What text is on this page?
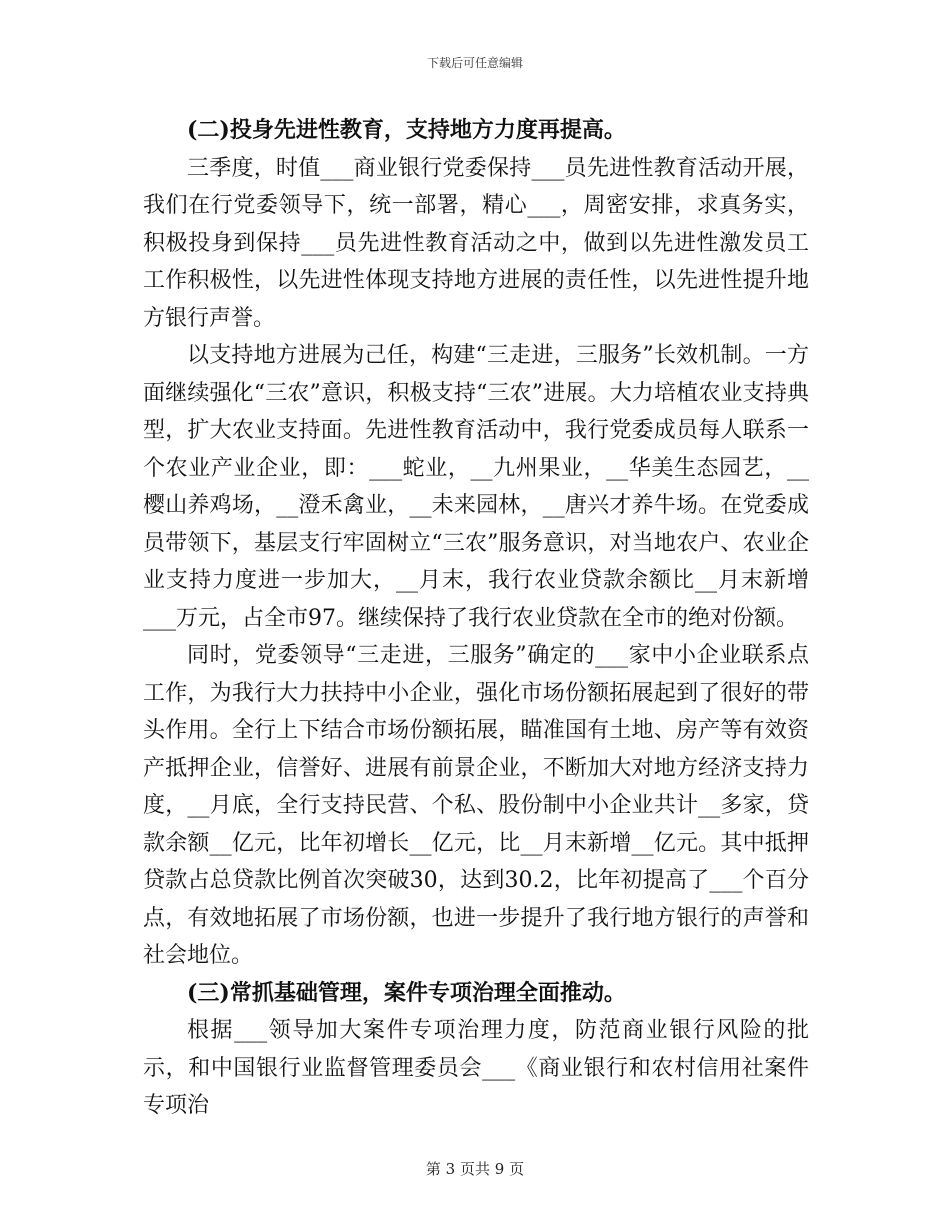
下载后可任意编辑

(二)投身先进性教育，支持地方力度再提高。

三季度，时值___商业银行党委保持___员先进性教育活动开展，我们在行党委领导下，统一部署，精心___，周密安排，求真务实，积极投身到保持___员先进性教育活动之中，做到以先进性激发员工工作积极性，以先进性体现支持地方进展的责任性，以先进性提升地方银行声誉。

以支持地方进展为己任，构建“三走进，三服务”长效机制。一方面继续强化“三农”意识，积极支持“三农”进展。大力培植农业支持典型，扩大农业支持面。先进性教育活动中，我行党委成员每人联系一个农业产业企业，即：___蛇业，__九州果业，__华美生态园艺，__樱山养鸡场，__澄禾禽业，__未来园林，__唐兴才养牛场。在党委成员带领下，基层支行牢固树立“三农”服务意识，对当地农户、农业企业支持力度进一步加大，__月末，我行农业贷款余额比__月末新增___万元，占全市97。继续保持了我行农业贷款在全市的绝对份额。

同时，党委领导“三走进，三服务”确定的___家中小企业联系点工作，为我行大力扶持中小企业，强化市场份额拓展起到了很好的带头作用。全行上下结合市场份额拓展，瞄准国有土地、房产等有效资产抵押企业，信誉好、进展有前景企业，不断加大对地方经济支持力度，__月底，全行支持民营、个私、股份制中小企业共计__多家，贷款余额__亿元，比年初增长__亿元，比__月末新增__亿元。其中抵押贷款占总贷款比例首次突破30，达到30.2，比年初提高了___个百分点，有效地拓展了市场份额，也进一步提升了我行地方银行的声誉和社会地位。

(三)常抓基础管理，案件专项治理全面推动。

根据___领导加大案件专项治理力度，防范商业银行风险的批示，和中国银行业监督管理委员会___《商业银行和农村信用社案件专项治

第 3 页共 9 页
